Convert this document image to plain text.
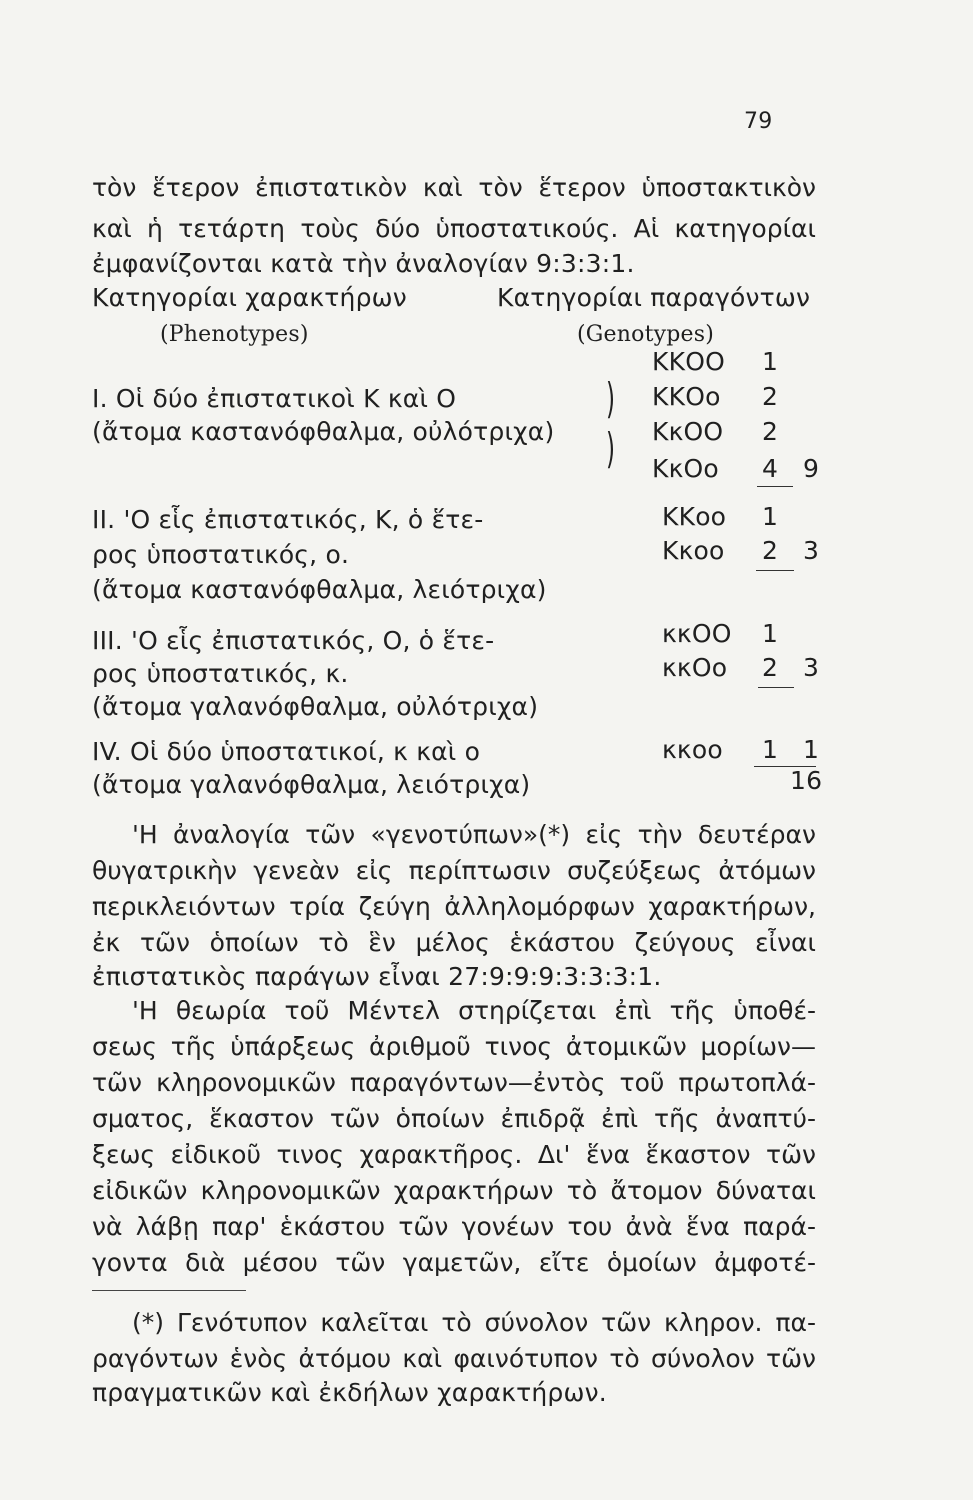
79
τὸν ἕτερον ἐπιστατικὸν καὶ τὸν ἕτερον ὑποστακτικὸν
καὶ ἡ τετάρτη τοὺς δύο ὑποστατικούς. Αἱ κατηγορίαι
ἐμφανίζονται κατὰ τὴν ἀναλογίαν 9:3:3:1.
Κατηγορίαι χαρακτήρων	Κατηγορίαι παραγόντων
(Phenotypes)	(Genotypes)
Ι. Οἱ δύο ἐπιστατικοὶ Κ καὶ Ο
(ἄτομα καστανόφθαλμα, οὐλότριχα)
)
)
ΚΚΟΟ 1
ΚΚΟο 2
ΚκΟΟ 2
ΚκΟο 4 9
ΙΙ. 'Ο εἷς ἐπιστατικός, Κ, ὁ ἕτε-
ρος ὑποστατικός, ο.
(ἄτομα καστανόφθαλμα, λειότριχα)
ΚΚοο 1
Κκοο 2 3
ΙΙΙ. 'Ο εἷς ἐπιστατικός, Ο, ὁ ἕτε-
ρος ὑποστατικός, κ.
(ἄτομα γαλανόφθαλμα, οὐλότριχα)
κκΟΟ 1
κκΟο 2 3
ΙV. Οἱ δύο ὑποστατικοί, κ καὶ ο
(ἄτομα γαλανόφθαλμα, λειότριχα)
κκοο 1 1
16
'Η ἀναλογία τῶν «γενοτύπων»(*) εἰς τὴν δευτέραν
θυγατρικὴν γενεὰν εἰς περίπτωσιν συζεύξεως ἀτόμων
περικλειόντων τρία ζεύγη ἀλληλομόρφων χαρακτήρων,
ἐκ τῶν ὁποίων τὸ ἓν μέλος ἑκάστου ζεύγους εἶναι
ἐπιστατικὸς παράγων εἶναι 27:9:9:9:3:3:3:1.
'Η θεωρία τοῦ Μέντελ στηρίζεται ἐπὶ τῆς ὑποθέ-
σεως τῆς ὑπάρξεως ἀριθμοῦ τινος ἀτομικῶν μορίων—
τῶν κληρονομικῶν παραγόντων—ἐντὸς τοῦ πρωτοπλά-
σματος, ἕκαστον τῶν ὁποίων ἐπιδρᾷ ἐπὶ τῆς ἀναπτύ-
ξεως εἰδικοῦ τινος χαρακτῆρος. Δι' ἕνα ἕκαστον τῶν
εἰδικῶν κληρονομικῶν χαρακτήρων τὸ ἄτομον δύναται
νὰ λάβῃ παρ' ἑκάστου τῶν γονέων του ἀνὰ ἕνα παρά-
γοντα διὰ μέσου τῶν γαμετῶν, εἴτε ὁμοίων ἀμφοτέ-
(*) Γενότυπον καλεῖται τὸ σύνολον τῶν κληρον. πα-
ραγόντων ἑνὸς ἀτόμου καὶ φαινότυπον τὸ σύνολον τῶν
πραγματικῶν καὶ ἐκδήλων χαρακτήρων.
